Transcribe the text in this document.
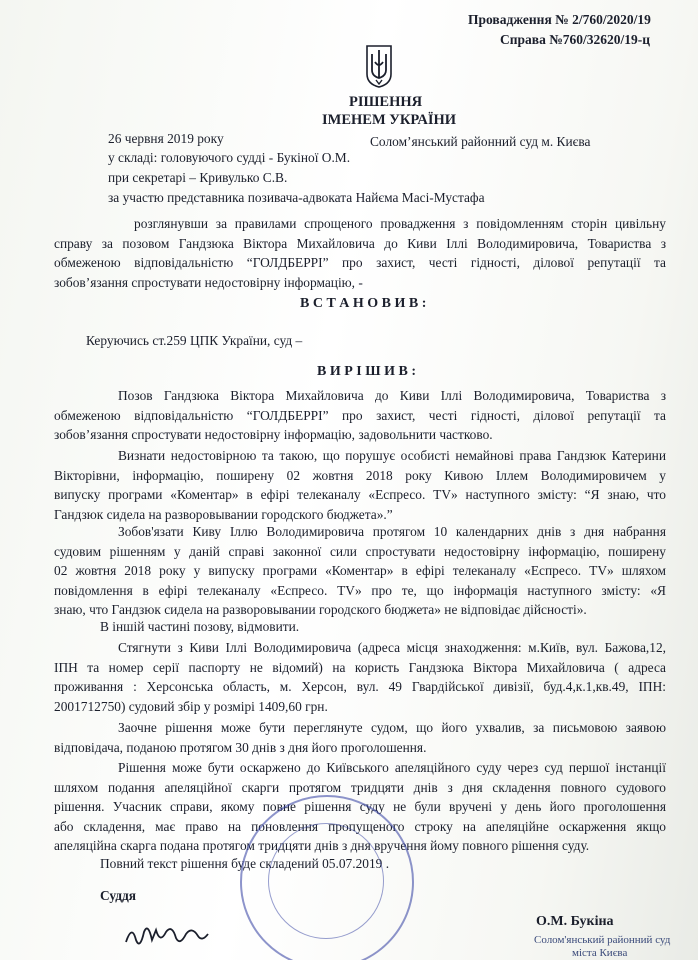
Провадження № 2/760/2020/19
Справа №760/32620/19-ц
РІШЕННЯ
ІМЕНЕМ УКРАЇНИ
26 червня 2019 року	Солом’янський районний суд м. Києва
у складі: головуючого судді - Букіної О.М.
при секретарі – Кривулько С.В.
за участю представника позивача-адвоката Найєма Масі-Мустафа
розглянувши за правилами спрощеного провадження з повідомленням сторін цивільну
справу за позовом Гандзюка Віктора Михайловича до Киви Іллі Володимировича, Товариства з
обмеженою відповідальністю “ГОЛДБЕРРІ” про захист, честі гідності, ділової репутації та
зобов’язання спростувати недостовірну інформацію, -
В С Т А Н О В И В :
Керуючись ст.259 ЦПК України, суд –
В И Р І Ш И В :
Позов Гандзюка Віктора Михайловича до Киви Іллі Володимировича, Товариства з
обмеженою відповідальністю “ГОЛДБЕРРІ” про захист, честі гідності, ділової репутації та
зобов’язання спростувати недостовірну інформацію, задовольнити частково.
Визнати недостовірною та такою, що порушує особисті немайнові права Гандзюк Катерини
Вікторівни, інформацію, поширену 02 жовтня 2018 року Кивою Іллем Володимировичем у
випуску програми «Коментар» в ефірі телеканалу «Еспресо. TV» наступного змісту: “Я знаю, что
Гандзюк сидела на разворовывании городского бюджета».”
Зобов'язати Киву Іллю Володимировича протягом 10 календарних днів з дня набрання
судовим рішенням у даній справі законної сили спростувати недостовірну інформацію, поширену
02 жовтня 2018 року у випуску програми «Коментар» в ефірі телеканалу «Еспресо. TV» шляхом
повідомлення в ефірі телеканалу «Еспресо. TV» про те, що інформація наступного змісту: «Я
знаю, что Гандзюк сидела на разворовывании городского бюджета» не відповідає дійсності».
В іншій частині позову, відмовити.
Стягнути з Киви Іллі Володимировича (адреса місця знаходження: м.Київ, вул. Бажова,12,
ІПН та номер серії паспорту не відомий) на користь Гандзюка Віктора Михайловича ( адреса
проживання : Херсонська область, м. Херсон, вул. 49 Гвардійської дивізії, буд.4,к.1,кв.49, ІПН:
2001712750) судовий збір у розмірі 1409,60 грн.
Заочне рішення може бути переглянуте судом, що його ухвалив, за письмовою заявою
відповідача, поданою протягом 30 днів з дня його проголошення.
Рішення може бути оскаржено до Київського апеляційного суду через суд першої інстанції
шляхом подання апеляційної скарги протягом тридцяти днів з дня складення повного судового
рішення. Учасник справи, якому повне рішення суду не були вручені у день його проголошення
або складення, має право на поновлення пропущеного строку на апеляційне оскарження якщо
апеляційна скарга подана протягом тридцяти днів з дня вручення йому повного рішення суду.
Повний текст рішення буде складений 05.07.2019 .
Суддя
О.М. Букіна
Солом'янський районний суд
міста Києва
